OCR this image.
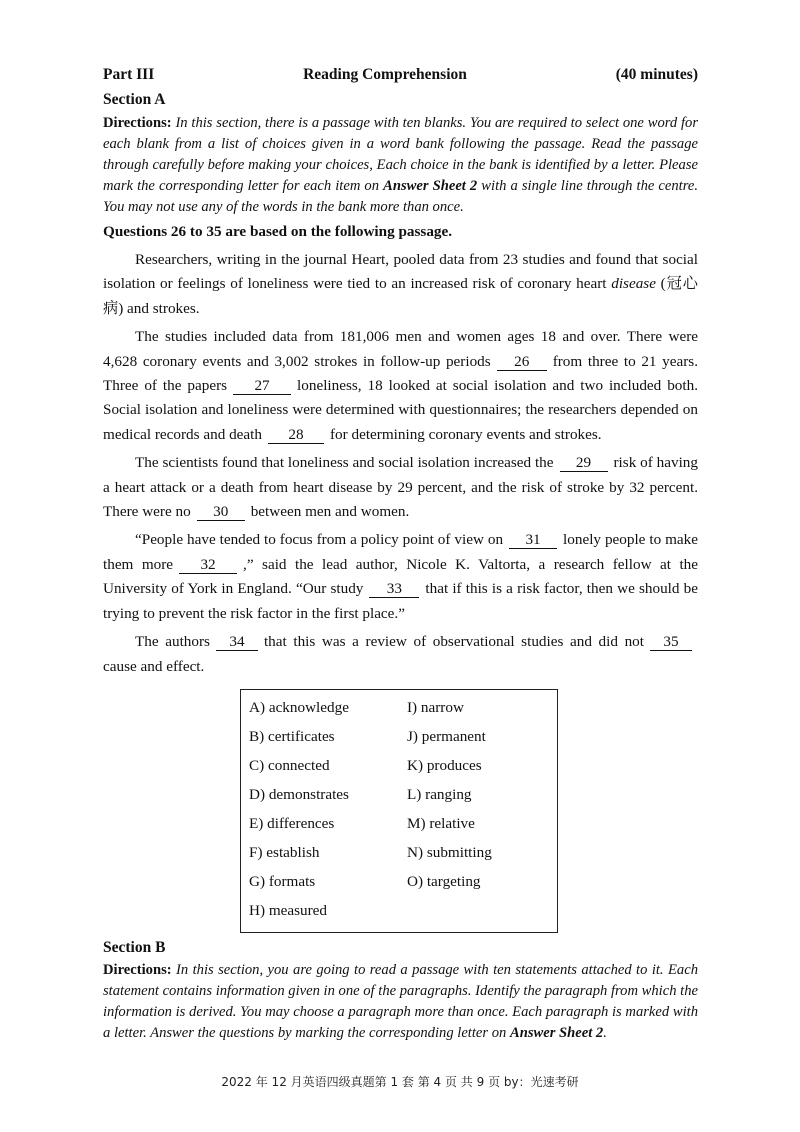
Part III	Reading Comprehension	(40 minutes)
Section A

Directions: In this section, there is a passage with ten blanks. You are required to select one word for each blank from a list of choices given in a word bank following the passage. Read the passage through carefully before making your choices, Each choice in the bank is identified by a letter. Please mark the corresponding letter for each item on Answer Sheet 2 with a single line through the centre. You may not use any of the words in the bank more than once.

Questions 26 to 35 are based on the following passage.

Researchers, writing in the journal Heart, pooled data from 23 studies and found that social isolation or feelings of loneliness were tied to an increased risk of coronary heart disease (冠心病) and strokes.

The studies included data from 181,006 men and women ages 18 and over. There were 4,628 coronary events and 3,002 strokes in follow-up periods 26 from three to 21 years. Three of the papers 27 loneliness, 18 looked at social isolation and two included both. Social isolation and loneliness were determined with questionnaires; the researchers depended on medical records and death 28 for determining coronary events and strokes.

The scientists found that loneliness and social isolation increased the 29 risk of having a heart attack or a death from heart disease by 29 percent, and the risk of stroke by 32 percent. There were no 30 between men and women.

“People have tended to focus from a policy point of view on 31 lonely people to make them more 32 ,” said the lead author, Nicole K. Valtorta, a research fellow at the University of York in England. “Our study 33 that if this is a risk factor, then we should be trying to prevent the risk factor in the first place.”

The authors 34 that this was a review of observational studies and did not 35cause and effect.

A) acknowledge	I) narrow
B) certificates	J) permanent
C) connected	K) produces
D) demonstrates	L) ranging
E) differences	M) relative
F) establish	N) submitting
G) formats	O) targeting
H) measured
Section B

Directions: In this section, you are going to read a passage with ten statements attached to it. Each statement contains information given in one of the paragraphs. Identify the paragraph from which the information is derived. You may choose a paragraph more than once. Each paragraph is marked with a letter. Answer the questions by marking the corresponding letter on Answer Sheet 2.

2022 年 12 月英语四级真题第 1 套 第 4 页 共 9 页 by：光速考研
